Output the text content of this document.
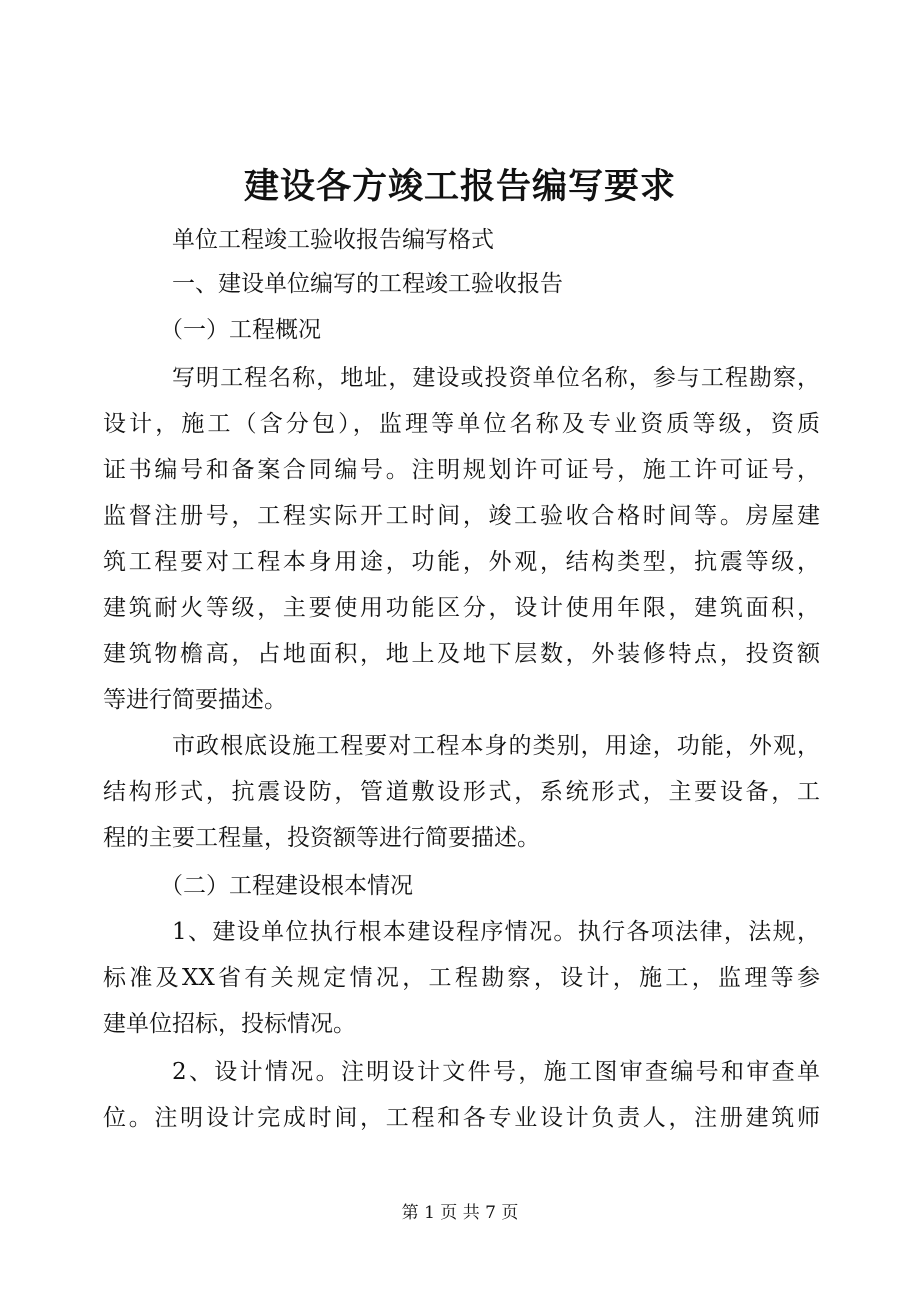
建设各方竣工报告编写要求
单位工程竣工验收报告编写格式
一、建设单位编写的工程竣工验收报告
（一）工程概况
写明工程名称，地址，建设或投资单位名称，参与工程勘察，
设计，施工（含分包），监理等单位名称及专业资质等级，资质
证书编号和备案合同编号。注明规划许可证号，施工许可证号，
监督注册号，工程实际开工时间，竣工验收合格时间等。房屋建
筑工程要对工程本身用途，功能，外观，结构类型，抗震等级，
建筑耐火等级，主要使用功能区分，设计使用年限，建筑面积，
建筑物檐高，占地面积，地上及地下层数，外装修特点，投资额
等进行简要描述。
市政根底设施工程要对工程本身的类别，用途，功能，外观，
结构形式，抗震设防，管道敷设形式，系统形式，主要设备，工
程的主要工程量，投资额等进行简要描述。
（二）工程建设根本情况
1、建设单位执行根本建设程序情况。执行各项法律，法规，
标准及XX省有关规定情况，工程勘察，设计，施工，监理等参
建单位招标，投标情况。
2、设计情况。注明设计文件号，施工图审查编号和审查单
位。注明设计完成时间，工程和各专业设计负责人，注册建筑师
第 1 页 共 7 页
